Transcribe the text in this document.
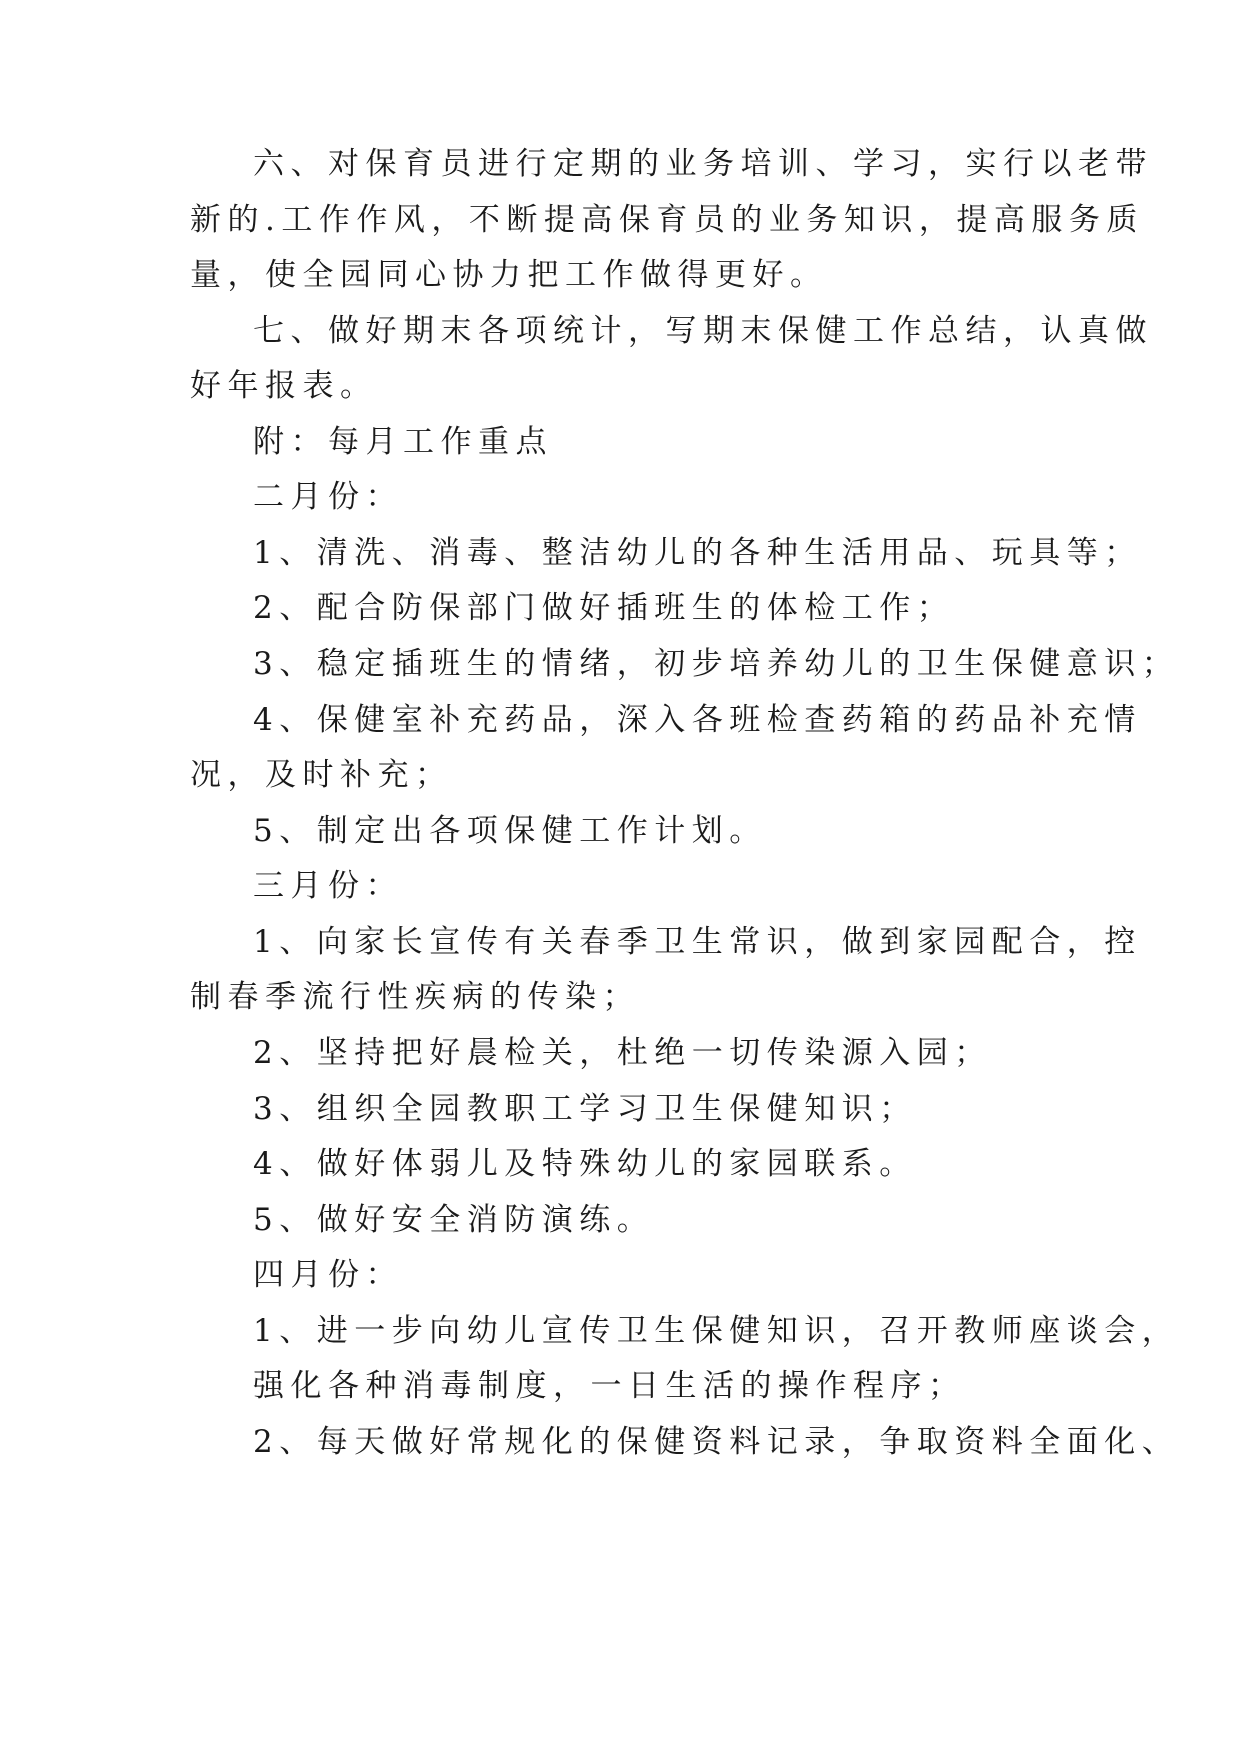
六、对保育员进行定期的业务培训、学习，实行以老带
新的.工作作风，不断提高保育员的业务知识，提高服务质
量，使全园同心协力把工作做得更好。
七、做好期末各项统计，写期末保健工作总结，认真做
好年报表。
附：每月工作重点
二月份：
1、清洗、消毒、整洁幼儿的各种生活用品、玩具等；
2、配合防保部门做好插班生的体检工作；
3、稳定插班生的情绪，初步培养幼儿的卫生保健意识；
4、保健室补充药品，深入各班检查药箱的药品补充情
况，及时补充；
5、制定出各项保健工作计划。
三月份：
1、向家长宣传有关春季卫生常识，做到家园配合，控
制春季流行性疾病的传染；
2、坚持把好晨检关，杜绝一切传染源入园；
3、组织全园教职工学习卫生保健知识；
4、做好体弱儿及特殊幼儿的家园联系。
5、做好安全消防演练。
四月份：
1、进一步向幼儿宣传卫生保健知识，召开教师座谈会，
强化各种消毒制度，一日生活的操作程序；
2、每天做好常规化的保健资料记录，争取资料全面化、
